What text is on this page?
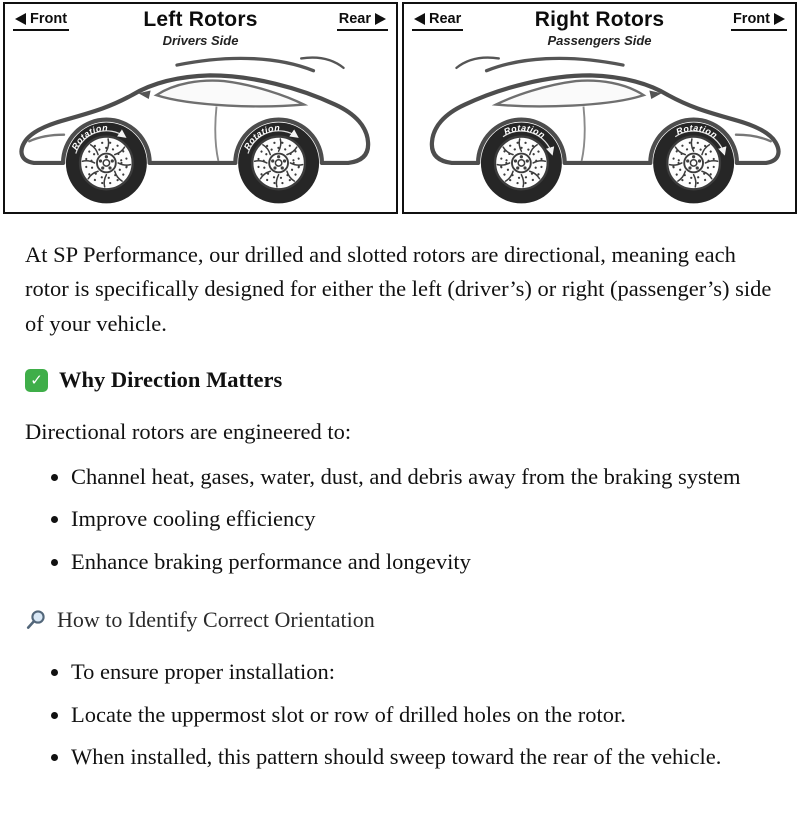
Front	Left Rotors
Drivers Side
Rear
Rotation
Rotation
Rear	Right Rotors
Passengers Side
Front
Rotation	Rotation

At SP Performance, our drilled and slotted rotors are directional, meaning each rotor is specifically designed for either the left (driver’s) or right (passenger’s) side of your vehicle.

✓ Why Direction Matters

Directional rotors are engineered to:

• Channel heat, gases, water, dust, and debris away from the braking system
• Improve cooling efficiency
• Enhance braking performance and longevity
How to Identify Correct Orientation
• To ensure proper installation:
• Locate the uppermost slot or row of drilled holes on the rotor.
• When installed, this pattern should sweep toward the rear of the vehicle.
